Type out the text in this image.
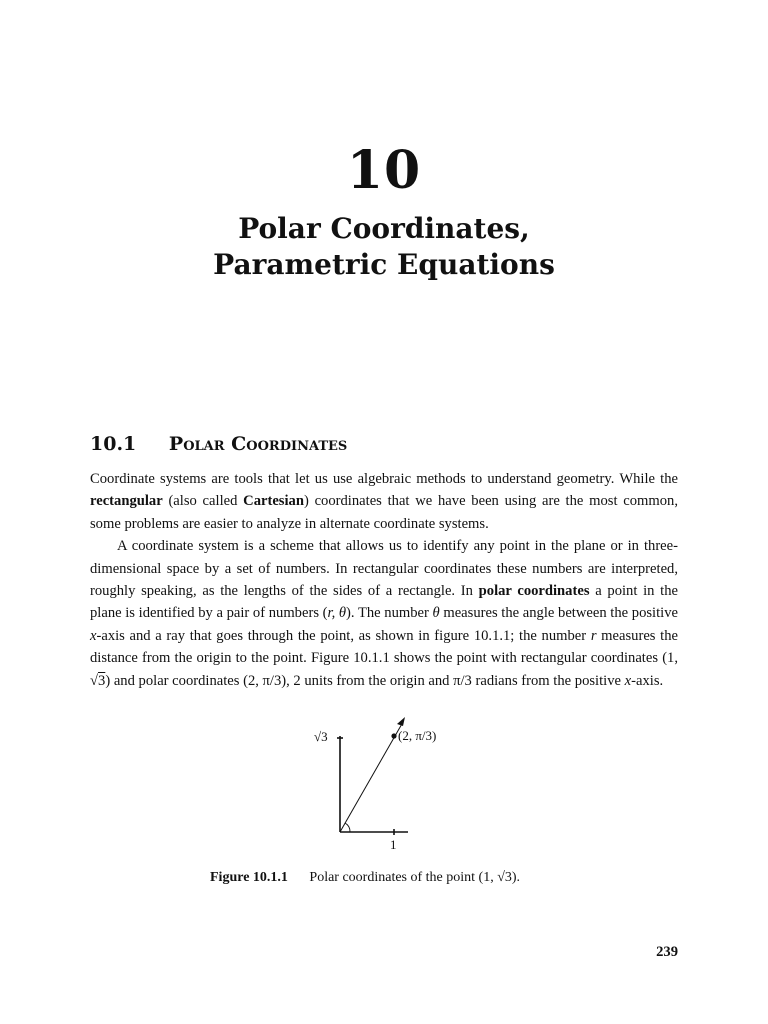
10
Polar Coordinates,
Parametric Equations
10.1 Polar Coordinates

Coordinate systems are tools that let us use algebraic methods to understand geometry. While the rectangular (also called Cartesian) coordinates that we have been using are the most common, some problems are easier to analyze in alternate coordinate systems.

A coordinate system is a scheme that allows us to identify any point in the plane or in three-dimensional space by a set of numbers. In rectangular coordinates these numbers are interpreted, roughly speaking, as the lengths of the sides of a rectangle. In polar coordinates a point in the plane is identified by a pair of numbers (r, θ). The number θ measures the angle between the positive x-axis and a ray that goes through the point, as shown in figure 10.1.1; the number r measures the distance from the origin to the point. Figure 10.1.1 shows the point with rectangular coordinates (1, √3) and polar coordinates (2, π/3), 2 units from the origin and π/3 radians from the positive x-axis.

√3	(2, π/3)
1
Figure 10.1.1 Polar coordinates of the point (1, √3).
239
